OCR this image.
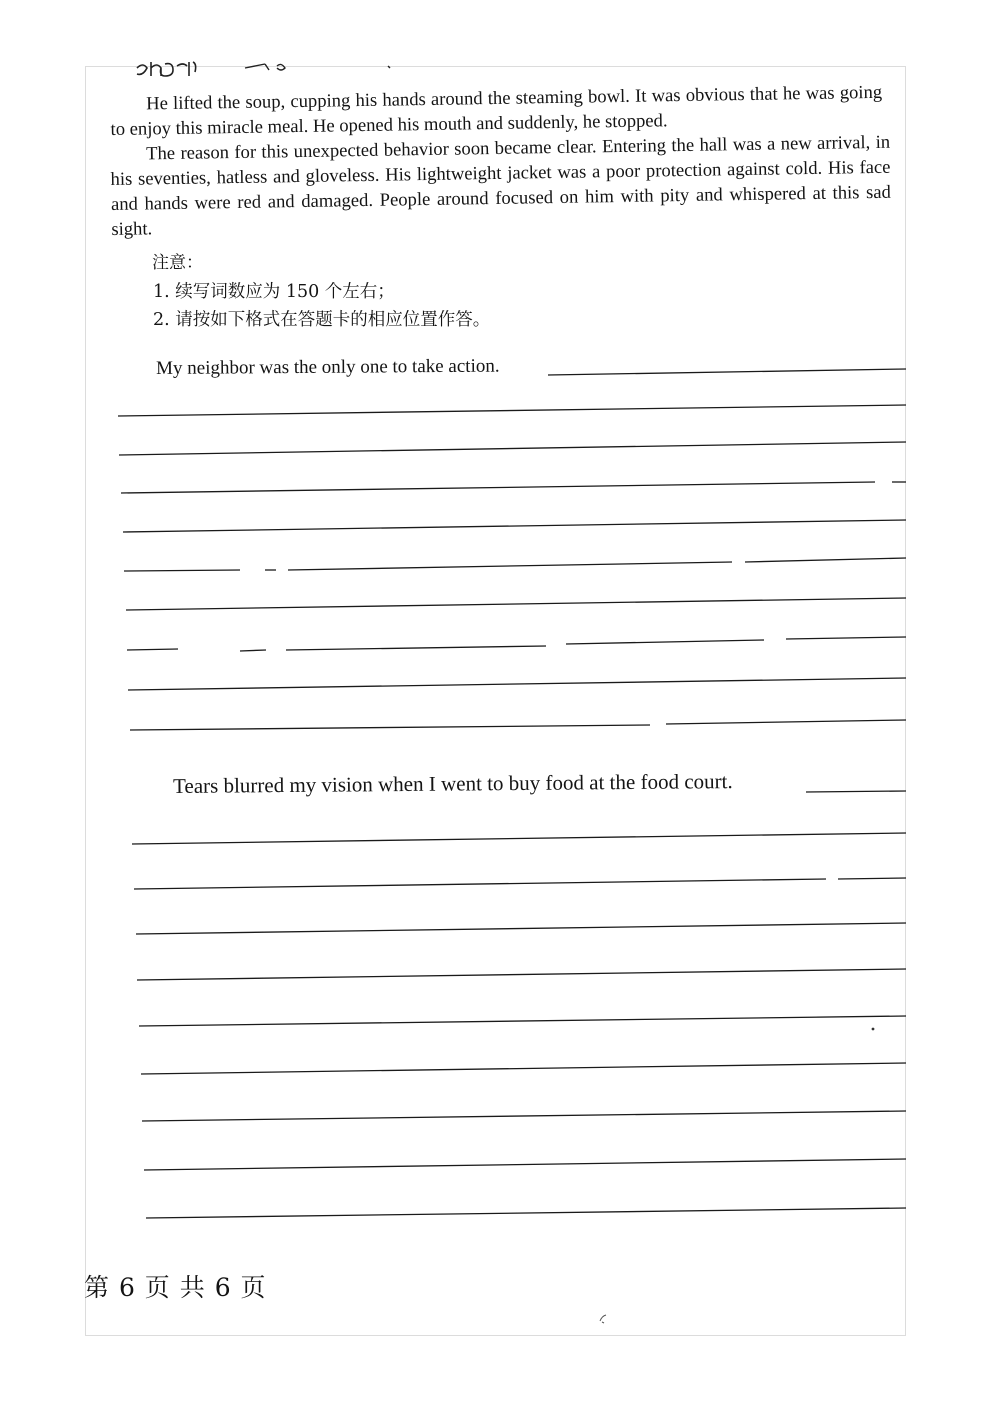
He lifted the soup, cupping his hands around the steaming bowl. It was obvious that he was going to enjoy this miracle meal. He opened his mouth and suddenly, he stopped.

The reason for this unexpected behavior soon became clear. Entering the hall was a new arrival, in his seventies, hatless and gloveless. His lightweight jacket was a poor protection against cold. His face and hands were red and damaged. People around focused on him with pity and whispered at this sad sight.

注意：
1. 续写词数应为 150 个左右；
2. 请按如下格式在答题卡的相应位置作答。
My neighbor was the only one to take action.
Tears blurred my vision when I went to buy food at the food court.
第 6 页 共 6 页
